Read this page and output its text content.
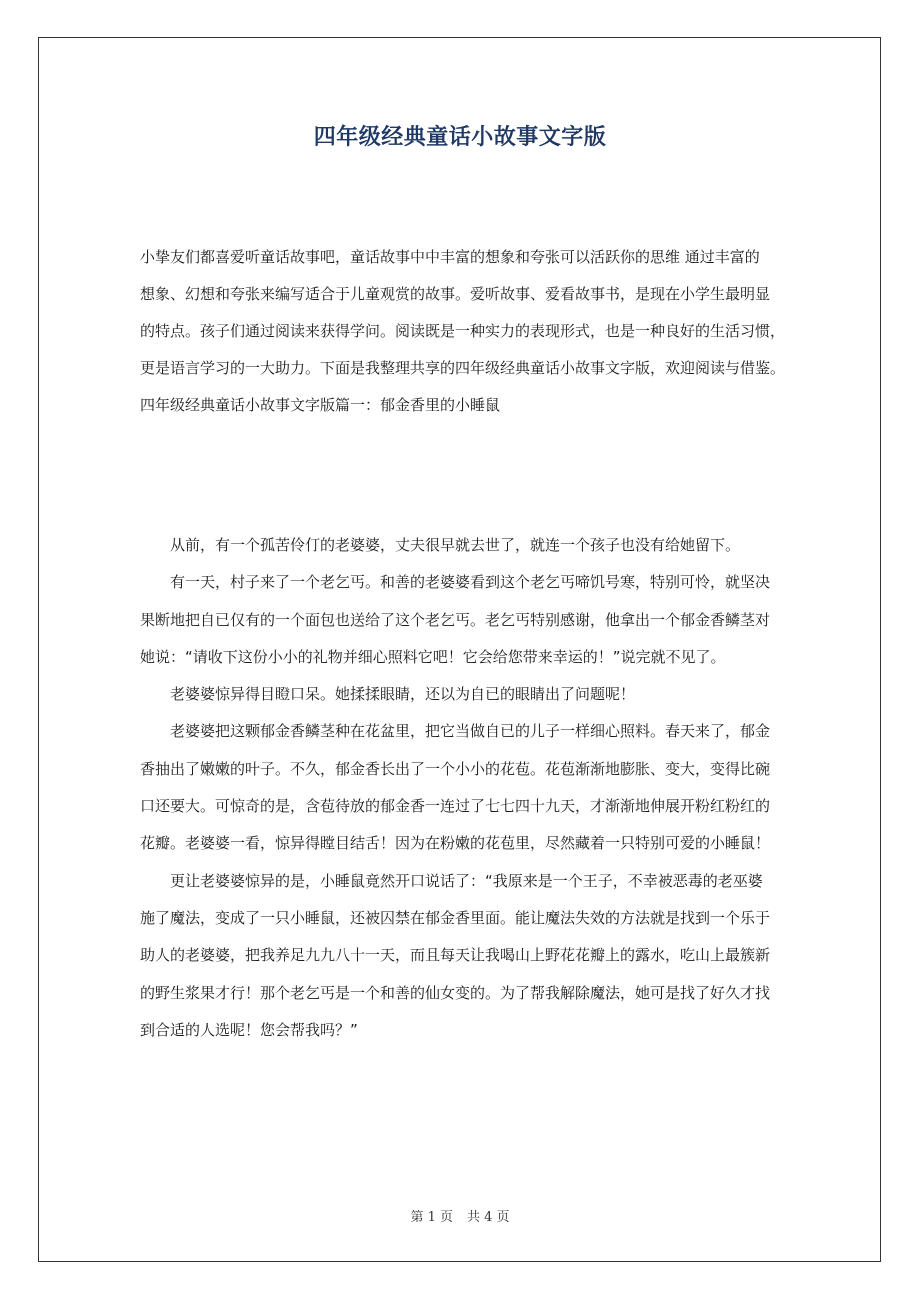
四年级经典童话小故事文字版
小挚友们都喜爱听童话故事吧，童话故事中中丰富的想象和夸张可以活跃你的思维 通过丰富的
想象、幻想和夸张来编写适合于儿童观赏的故事。爱听故事、爱看故事书，是现在小学生最明显
的特点。孩子们通过阅读来获得学问。阅读既是一种实力的表现形式，也是一种良好的生活习惯，
更是语言学习的一大助力。下面是我整理共享的四年级经典童话小故事文字版，欢迎阅读与借鉴。
四年级经典童话小故事文字版篇一：郁金香里的小睡鼠
从前，有一个孤苦伶仃的老婆婆，丈夫很早就去世了，就连一个孩子也没有给她留下。
有一天，村子来了一个老乞丐。和善的老婆婆看到这个老乞丐啼饥号寒，特别可怜，就坚决
果断地把自已仅有的一个面包也送给了这个老乞丐。老乞丐特别感谢，他拿出一个郁金香鳞茎对
她说：“请收下这份小小的礼物并细心照料它吧！它会给您带来幸运的！”说完就不见了。
老婆婆惊异得目瞪口呆。她揉揉眼睛，还以为自已的眼睛出了问题呢！
老婆婆把这颗郁金香鳞茎种在花盆里，把它当做自已的儿子一样细心照料。春天来了，郁金
香抽出了嫩嫩的叶子。不久，郁金香长出了一个小小的花苞。花苞渐渐地膨胀、变大，变得比碗
口还要大。可惊奇的是，含苞待放的郁金香一连过了七七四十九天，才渐渐地伸展开粉红粉红的
花瓣。老婆婆一看，惊异得瞠目结舌！因为在粉嫩的花苞里，尽然藏着一只特别可爱的小睡鼠！
更让老婆婆惊异的是，小睡鼠竟然开口说话了：“我原来是一个王子，不幸被恶毒的老巫婆
施了魔法，变成了一只小睡鼠，还被囚禁在郁金香里面。能让魔法失效的方法就是找到一个乐于
助人的老婆婆，把我养足九九八十一天，而且每天让我喝山上野花花瓣上的露水，吃山上最簇新
的野生浆果才行！那个老乞丐是一个和善的仙女变的。为了帮我解除魔法，她可是找了好久才找
到合适的人选呢！您会帮我吗？”
第 1 页 共 4 页
